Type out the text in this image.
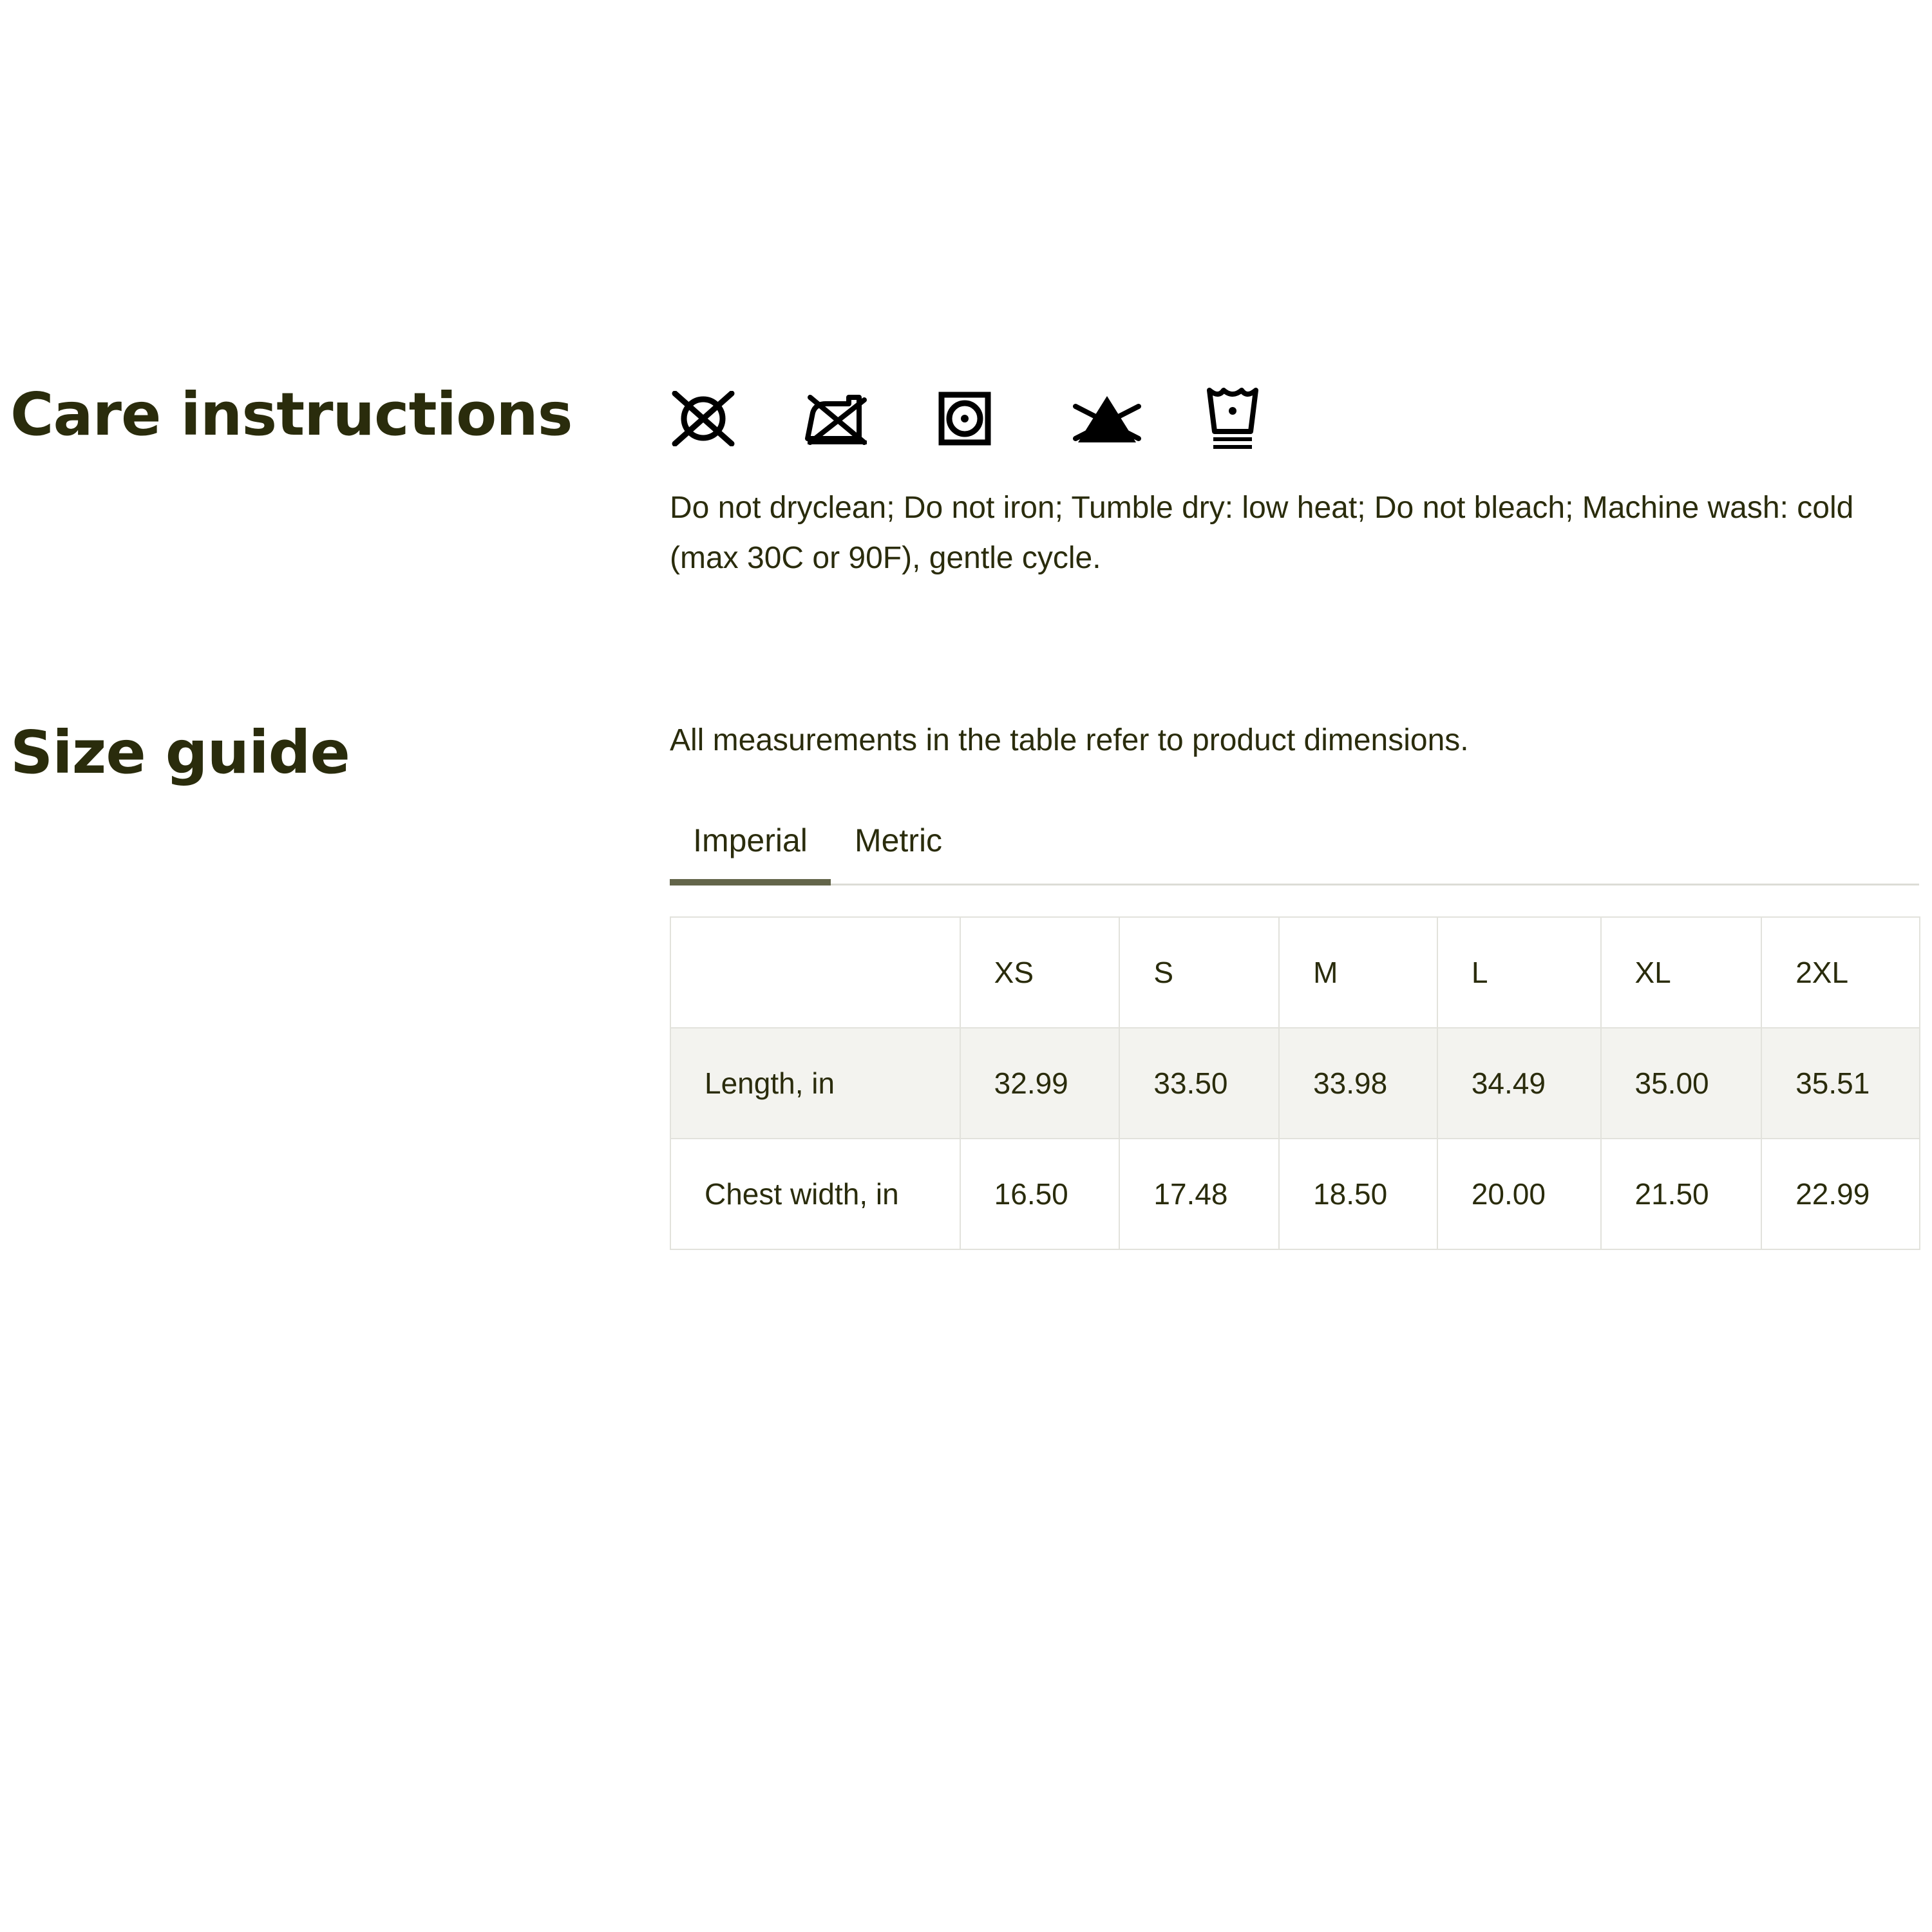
Care instructions

Do not dryclean; Do not iron; Tumble dry: low heat; Do not bleach; Machine wash: cold (max 30C or 90F), gentle cycle.

Size guide	All measurements in the table refer to product dimensions.

Imperial	Metric
	XS	S	M	L	XL	2XL
Length, in	32.99	33.50	33.98	34.49	35.00	35.51
Chest width, in	16.50	17.48	18.50	20.00	21.50	22.99
